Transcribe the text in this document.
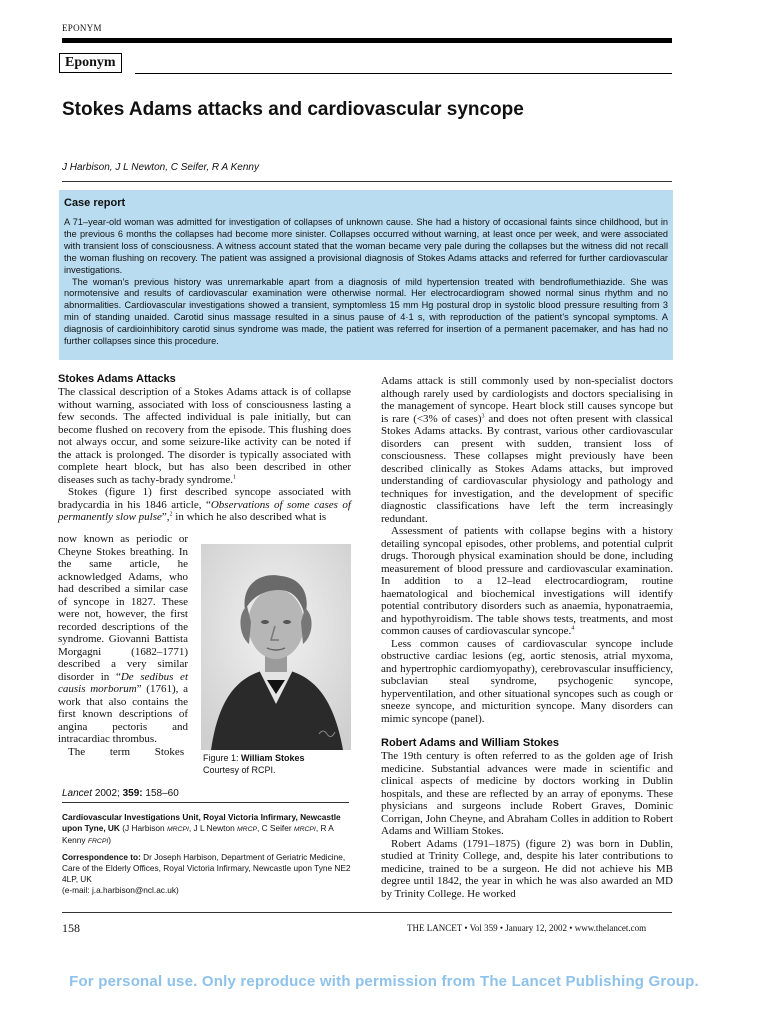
EPONYM
Eponym
Stokes Adams attacks and cardiovascular syncope
J Harbison, J L Newton, C Seifer, R A Kenny
Case report

A 71–year-old woman was admitted for investigation of collapses of unknown cause. She had a history of occasional faints since childhood, but in the previous 6 months the collapses had become more sinister. Collapses occurred without warning, at least once per week, and were associated with transient loss of consciousness. A witness account stated that the woman became very pale during the collapses but the witness did not recall the woman flushing on recovery. The patient was assigned a provisional diagnosis of Stokes Adams attacks and referred for further cardiovascular investigations.

The woman’s previous history was unremarkable apart from a diagnosis of mild hypertension treated with bendroflumethiazide. She was normotensive and results of cardiovascular examination were otherwise normal. Her electrocardiogram showed normal sinus rhythm and no abnormalities. Cardiovascular investigations showed a transient, symptomless 15 mm Hg postural drop in systolic blood pressure resulting from 3 min of standing unaided. Carotid sinus massage resulted in a sinus pause of 4·1 s, with reproduction of the patient’s syncopal symptoms. A diagnosis of cardioinhibitory carotid sinus syndrome was made, the patient was referred for insertion of a permanent pacemaker, and has had no further collapses since this procedure.

Stokes Adams Attacks

The classical description of a Stokes Adams attack is of collapse without warning, associated with loss of consciousness lasting a few seconds. The affected individual is pale initially, but can become flushed on recovery from the episode. This flushing does not always occur, and some seizure-like activity can be noted if the attack is prolonged. The disorder is typically associated with complete heart block, but has also been described in other diseases such as tachy-brady syndrome.$^1$

Stokes (figure 1) first described syncope associated with bradycardia in his 1846 article, “Observations of some cases of permanently slow pulse”,$^2$ in which he also described what is

now known as periodic or Cheyne Stokes breathing. In the same article, he acknowledged Adams, who had described a similar case of syncope in 1827. These were not, however, the first recorded descriptions of the syndrome. Giovanni Battista Morgagni (1682–1771) described a very similar disorder in “De sedibus et causis morborum” (1761), a work that also contains the first known descriptions of angina pectoris and intracardiac thrombus.

The term Stokes

Figure 1: William Stokes
Courtesy of RCPI.
Lancet 2002; 359: 158–60

Cardiovascular Investigations Unit, Royal Victoria Infirmary, Newcastle upon Tyne, UK (J Harbison MRCPI, J L Newton MRCP, C Seifer MRCPI, R A Kenny FRCPI)

Correspondence to: Dr Joseph Harbison, Department of Geriatric Medicine, Care of the Elderly Offices, Royal Victoria Infirmary, Newcastle upon Tyne NE2 4LP, UK
(e-mail: j.a.harbison@ncl.ac.uk)

Adams attack is still commonly used by non-specialist doctors although rarely used by cardiologists and doctors specialising in the management of syncope. Heart block still causes syncope but is rare (<3% of cases)$^3$ and does not often present with classical Stokes Adams attacks. By contrast, various other cardiovascular disorders can present with sudden, transient loss of consciousness. These collapses might previously have been described clinically as Stokes Adams attacks, but improved understanding of cardiovascular physiology and pathology and techniques for investigation, and the development of specific diagnostic classifications have left the term increasingly redundant.

Assessment of patients with collapse begins with a history detailing syncopal episodes, other problems, and potential culprit drugs. Thorough physical examination should be done, including measurement of blood pressure and cardiovascular examination. In addition to a 12–lead electrocardiogram, routine haematological and biochemical investigations will identify potential contributory disorders such as anaemia, hyponatraemia, and hypothyroidism. The table shows tests, treatments, and most common causes of cardiovascular syncope.$^4$

Less common causes of cardiovascular syncope include obstructive cardiac lesions (eg, aortic stenosis, atrial myxoma, and hypertrophic cardiomyopathy), cerebrovascular insufficiency, subclavian steal syndrome, psychogenic syncope, hyperventilation, and other situational syncopes such as cough or sneeze syncope, and micturition syncope. Many disorders can mimic syncope (panel).

Robert Adams and William Stokes

The 19th century is often referred to as the golden age of Irish medicine. Substantial advances were made in scientific and clinical aspects of medicine by doctors working in Dublin hospitals, and these are reflected by an array of eponyms. These physicians and surgeons include Robert Graves, Dominic Corrigan, John Cheyne, and Abraham Colles in addition to Robert Adams and William Stokes.

Robert Adams (1791–1875) (figure 2) was born in Dublin, studied at Trinity College, and, despite his later contributions to medicine, trained to be a surgeon. He did not achieve his MB degree until 1842, the year in which he was also awarded an MD by Trinity College. He worked

158	THE LANCET • Vol 359 • January 12, 2002 • www.thelancet.com
For personal use. Only reproduce with permission from The Lancet Publishing Group.
